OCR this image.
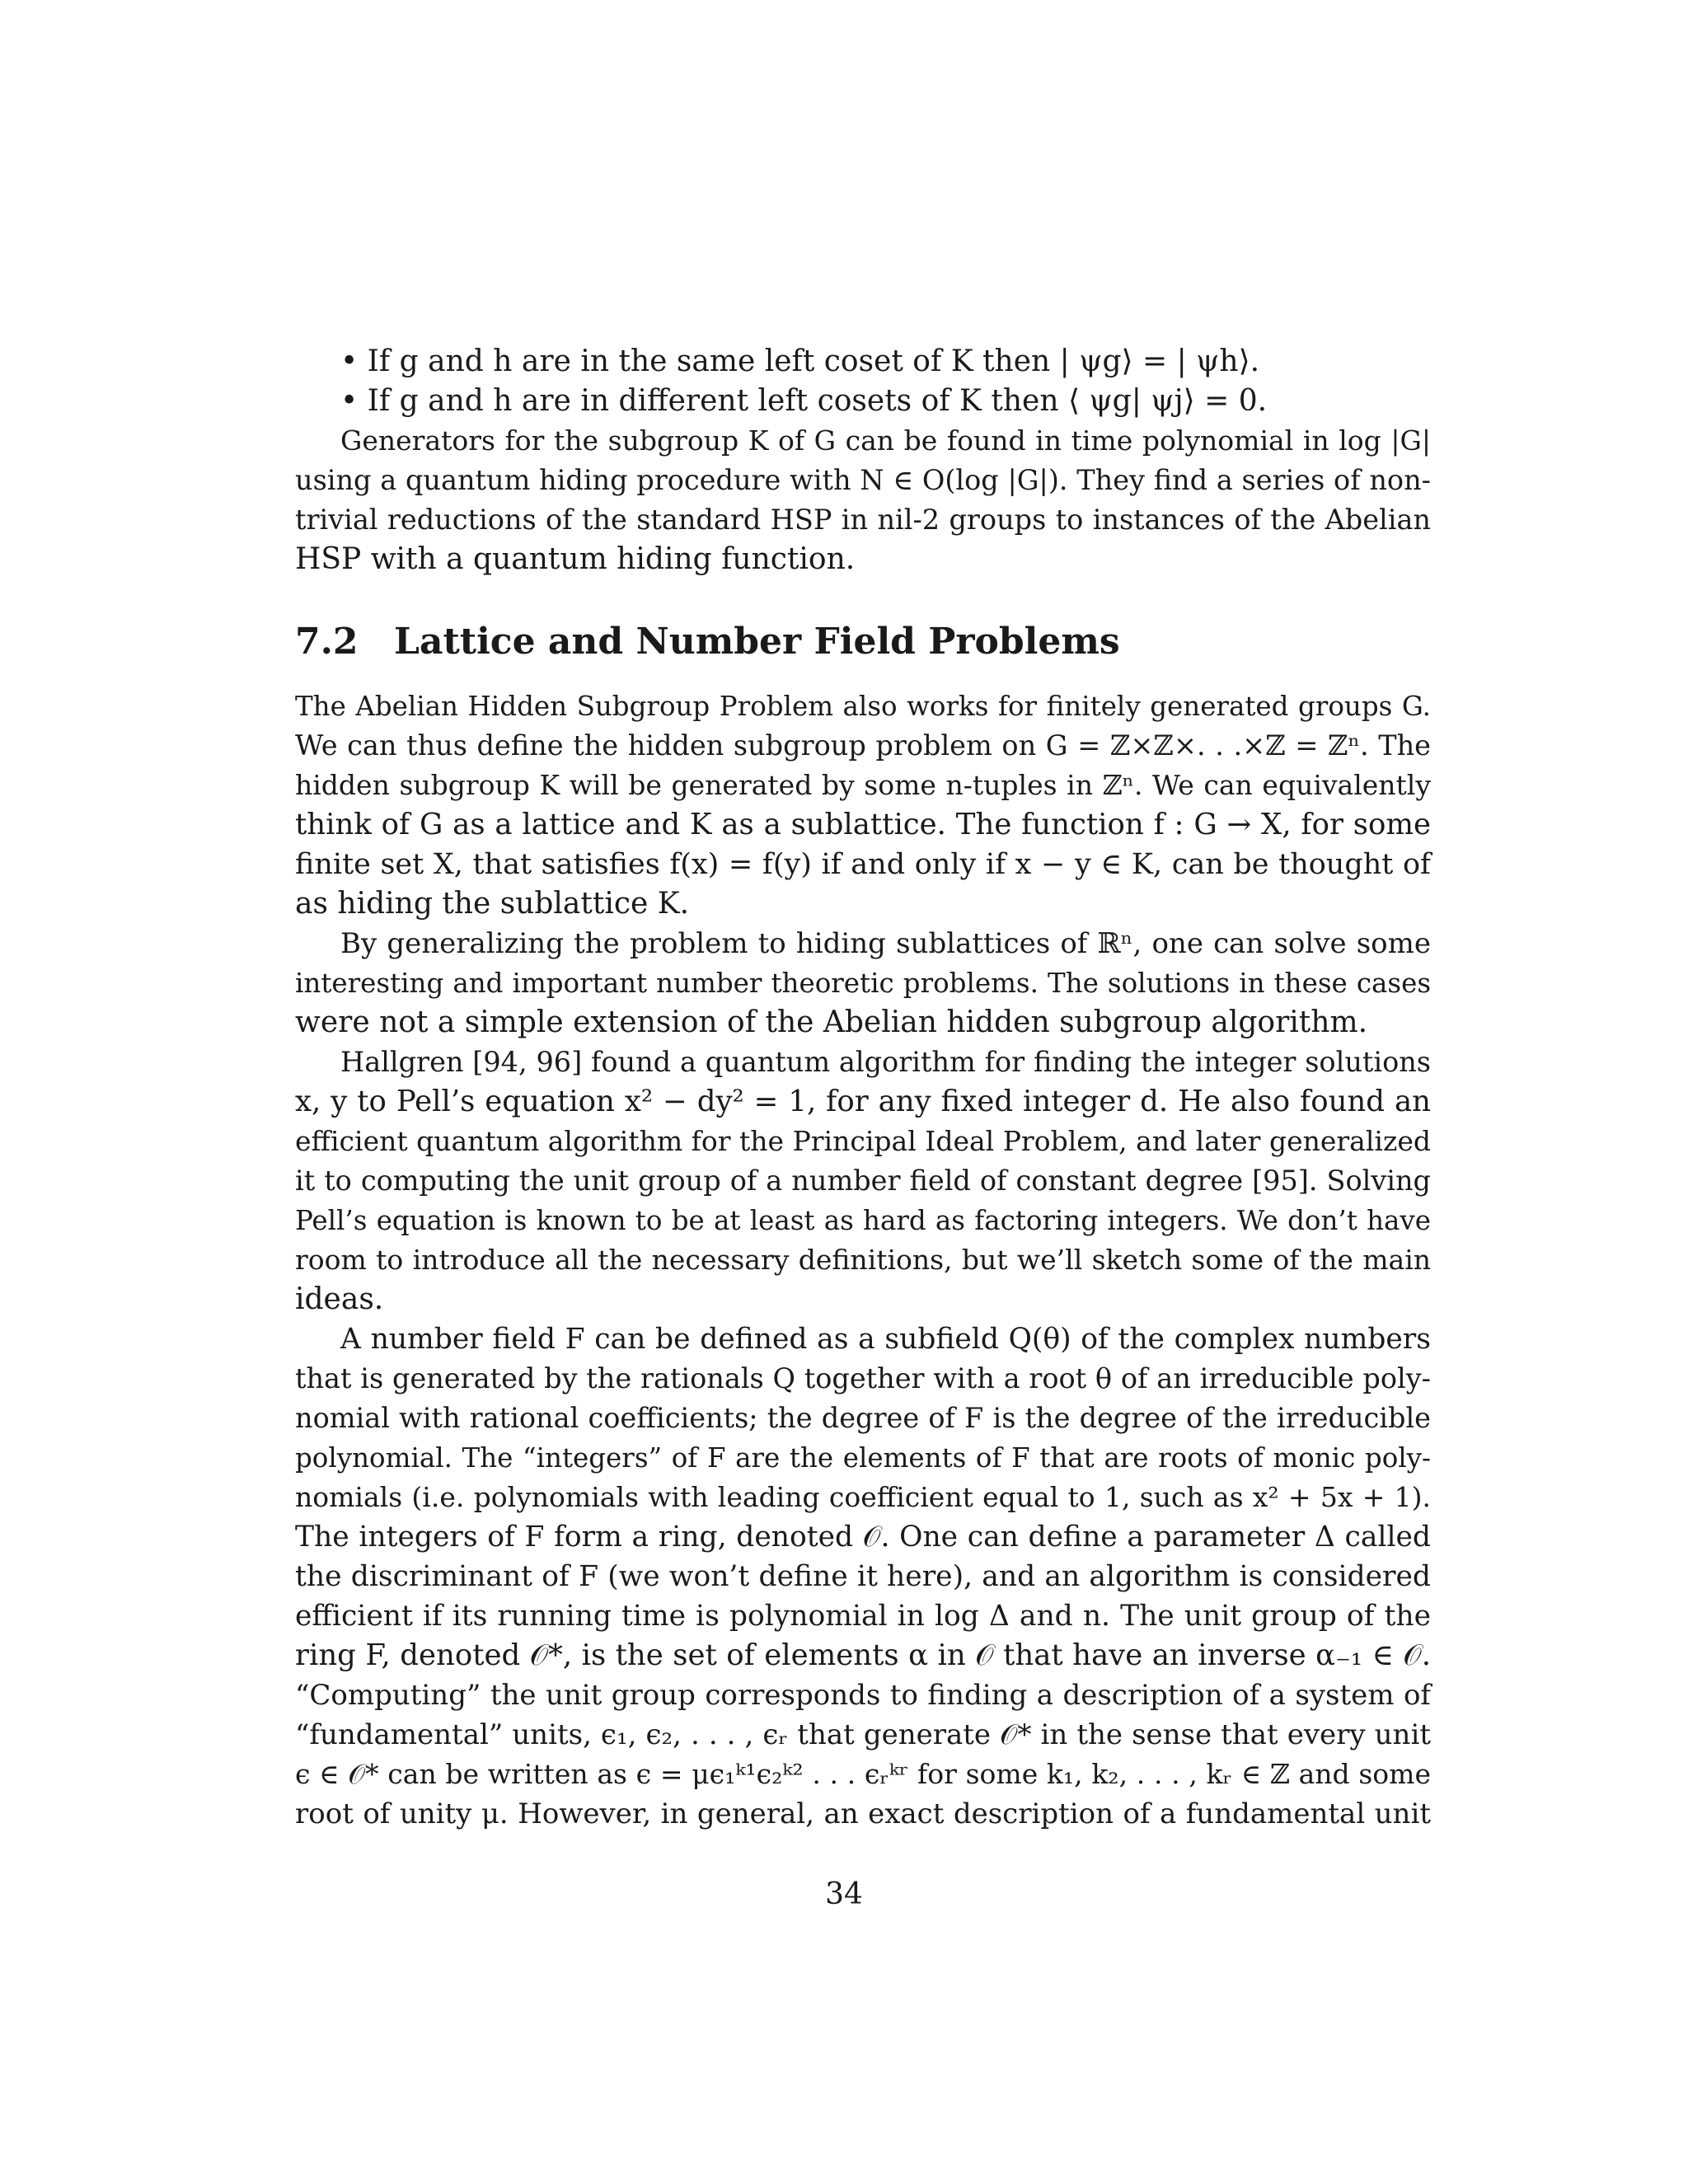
• If g and h are in the same left coset of K then | ψg⟩ = | ψh⟩.
• If g and h are in different left cosets of K then ⟨ ψg| ψj⟩ = 0.
Generators for the subgroup K of G can be found in time polynomial in log |G|
using a quantum hiding procedure with N ∈ O(log |G|). They find a series of non-
trivial reductions of the standard HSP in nil-2 groups to instances of the Abelian
HSP with a quantum hiding function.
7.2 Lattice and Number Field Problems
The Abelian Hidden Subgroup Problem also works for finitely generated groups G.
We can thus define the hidden subgroup problem on G = ℤ×ℤ×. . .×ℤ = ℤⁿ. The
hidden subgroup K will be generated by some n-tuples in ℤⁿ. We can equivalently
think of G as a lattice and K as a sublattice. The function f : G → X, for some
finite set X, that satisfies f(x) = f(y) if and only if x − y ∈ K, can be thought of
as hiding the sublattice K.
By generalizing the problem to hiding sublattices of ℝⁿ, one can solve some
interesting and important number theoretic problems. The solutions in these cases
were not a simple extension of the Abelian hidden subgroup algorithm.
Hallgren [94, 96] found a quantum algorithm for finding the integer solutions
x, y to Pell’s equation x² − dy² = 1, for any fixed integer d. He also found an
efficient quantum algorithm for the Principal Ideal Problem, and later generalized
it to computing the unit group of a number field of constant degree [95]. Solving
Pell’s equation is known to be at least as hard as factoring integers. We don’t have
room to introduce all the necessary definitions, but we’ll sketch some of the main
ideas.
A number field F can be defined as a subfield Q(θ) of the complex numbers
that is generated by the rationals Q together with a root θ of an irreducible poly-
nomial with rational coefficients; the degree of F is the degree of the irreducible
polynomial. The “integers” of F are the elements of F that are roots of monic poly-
nomials (i.e. polynomials with leading coefficient equal to 1, such as x² + 5x + 1).
The integers of F form a ring, denoted 𝒪. One can define a parameter Δ called
the discriminant of F (we won’t define it here), and an algorithm is considered
efficient if its running time is polynomial in log Δ and n. The unit group of the
ring F, denoted 𝒪*, is the set of elements α in 𝒪 that have an inverse α₋₁ ∈ 𝒪.
“Computing” the unit group corresponds to finding a description of a system of
“fundamental” units, ϵ₁, ϵ₂, . . . , ϵᵣ that generate 𝒪* in the sense that every unit
ϵ ∈ 𝒪* can be written as ϵ = μϵ₁ᵏ¹ϵ₂ᵏ² . . . ϵᵣᵏʳ for some k₁, k₂, . . . , kᵣ ∈ ℤ and some
root of unity μ. However, in general, an exact description of a fundamental unit
34
